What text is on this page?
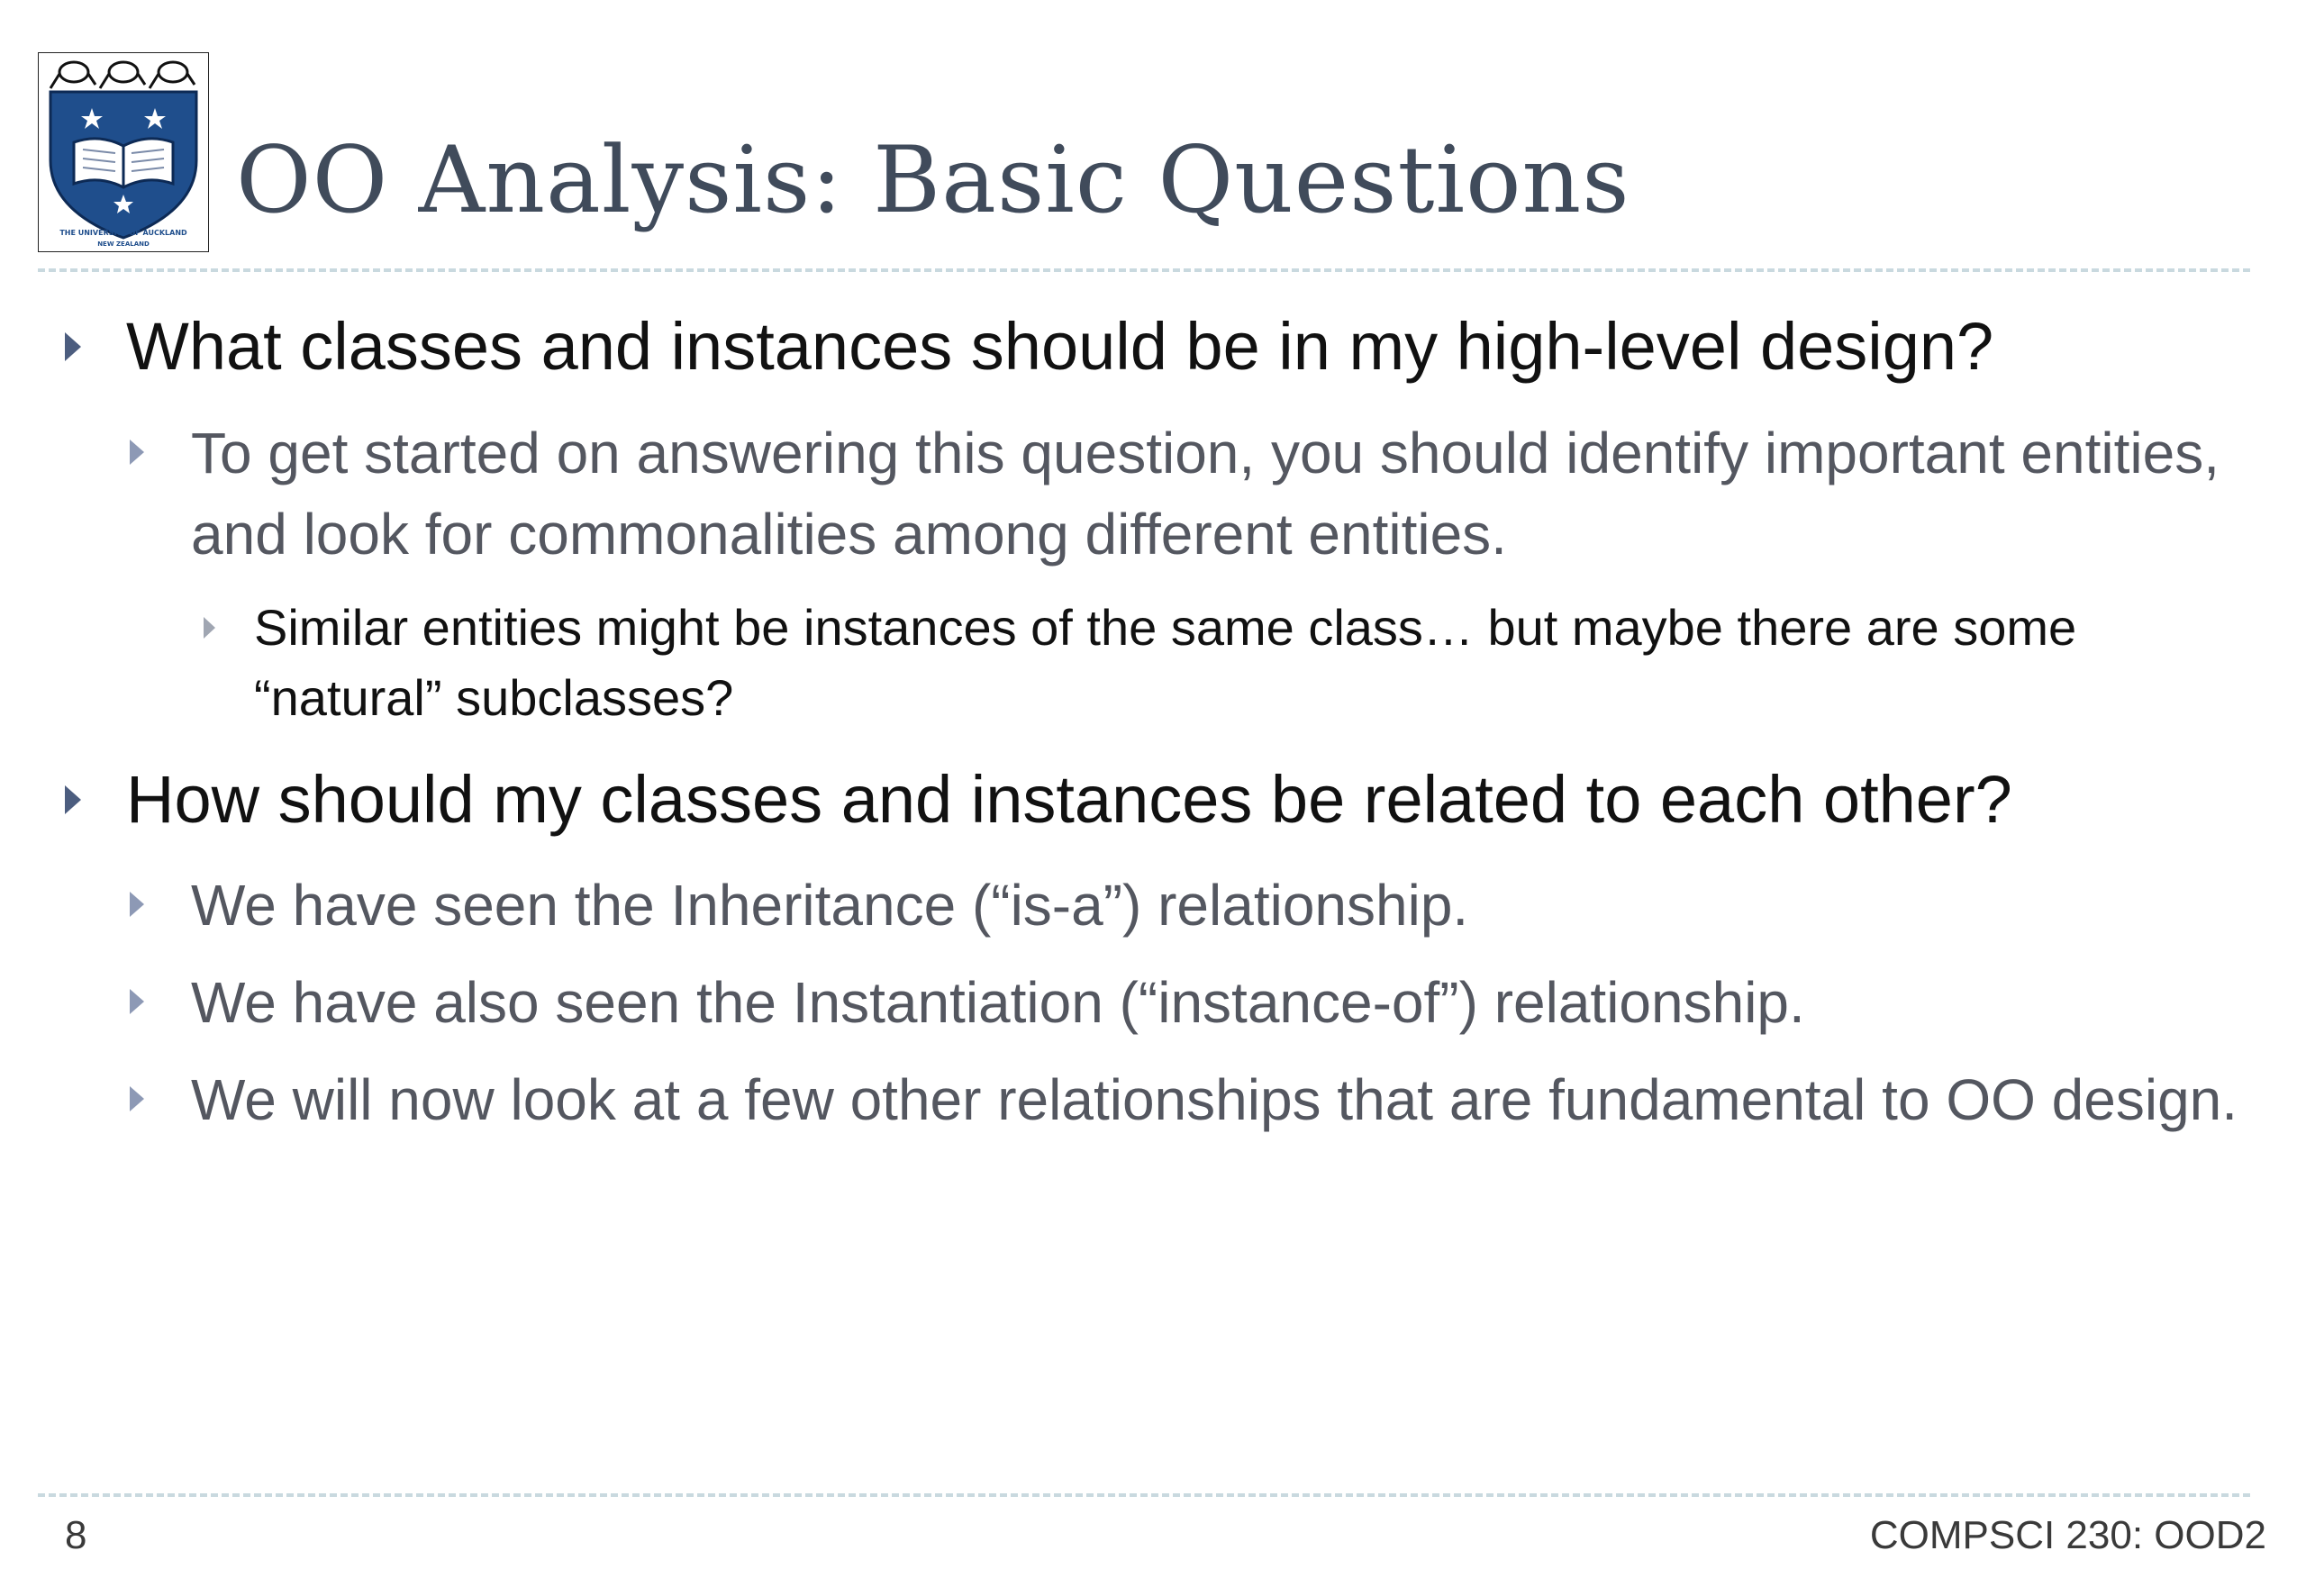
THE UNIVERSITY OF AUCKLAND
NEW ZEALAND
OO Analysis: Basic Questions
What classes and instances should be in my high-level design?
To get started on answering this question, you should identify important entities, and look for commonalities among different entities.
Similar entities might be instances of the same class… but maybe there are some “natural” subclasses?
How should my classes and instances be related to each other?
We have seen the Inheritance (“is-a”) relationship.
We have also seen the Instantiation (“instance-of”) relationship.
We will now look at a few other relationships that are fundamental to OO design.
8	COMPSCI 230: OOD2
